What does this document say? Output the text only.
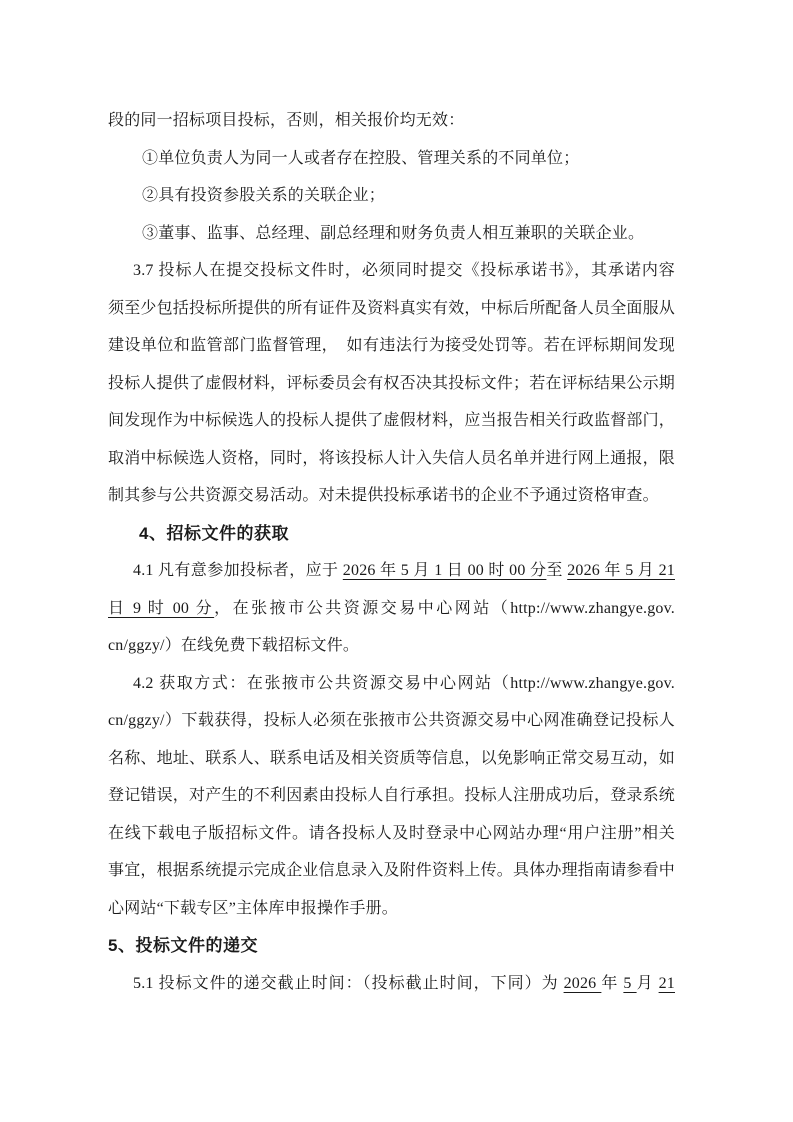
段的同一招标项目投标，否则，相关报价均无效：
①单位负责人为同一人或者存在控股、管理关系的不同单位；
②具有投资参股关系的关联企业；
③董事、监事、总经理、副总经理和财务负责人相互兼职的关联企业。
3.7 投标人在提交投标文件时，必须同时提交《投标承诺书》，其承诺内容
须至少包括投标所提供的所有证件及资料真实有效，中标后所配备人员全面服从
建设单位和监管部门监督管理，　如有违法行为接受处罚等。若在评标期间发现
投标人提供了虚假材料，评标委员会有权否决其投标文件；若在评标结果公示期
间发现作为中标候选人的投标人提供了虚假材料，应当报告相关行政监督部门，
取消中标候选人资格，同时，将该投标人计入失信人员名单并进行网上通报，限
制其参与公共资源交易活动。对未提供投标承诺书的企业不予通过资格审查。
4、招标文件的获取
4.1 凡有意参加投标者，应于 2026 年 5 月 1 日 00 时 00 分至 2026 年 5 月 21
日 9 时 00 分，在张掖市公共资源交易中心网站（http://www.zhangye.gov.
cn/ggzy/）在线免费下载招标文件。
4.2 获取方式：在张掖市公共资源交易中心网站（http://www.zhangye.gov.
cn/ggzy/）下载获得，投标人必须在张掖市公共资源交易中心网准确登记投标人
名称、地址、联系人、联系电话及相关资质等信息，以免影响正常交易互动，如
登记错误，对产生的不利因素由投标人自行承担。投标人注册成功后，登录系统
在线下载电子版招标文件。请各投标人及时登录中心网站办理“用户注册”相关
事宜，根据系统提示完成企业信息录入及附件资料上传。具体办理指南请参看中
心网站“下载专区”主体库申报操作手册。
5、投标文件的递交
5.1 投标文件的递交截止时间：（投标截止时间，下同）为 2026 年 5 月 21
